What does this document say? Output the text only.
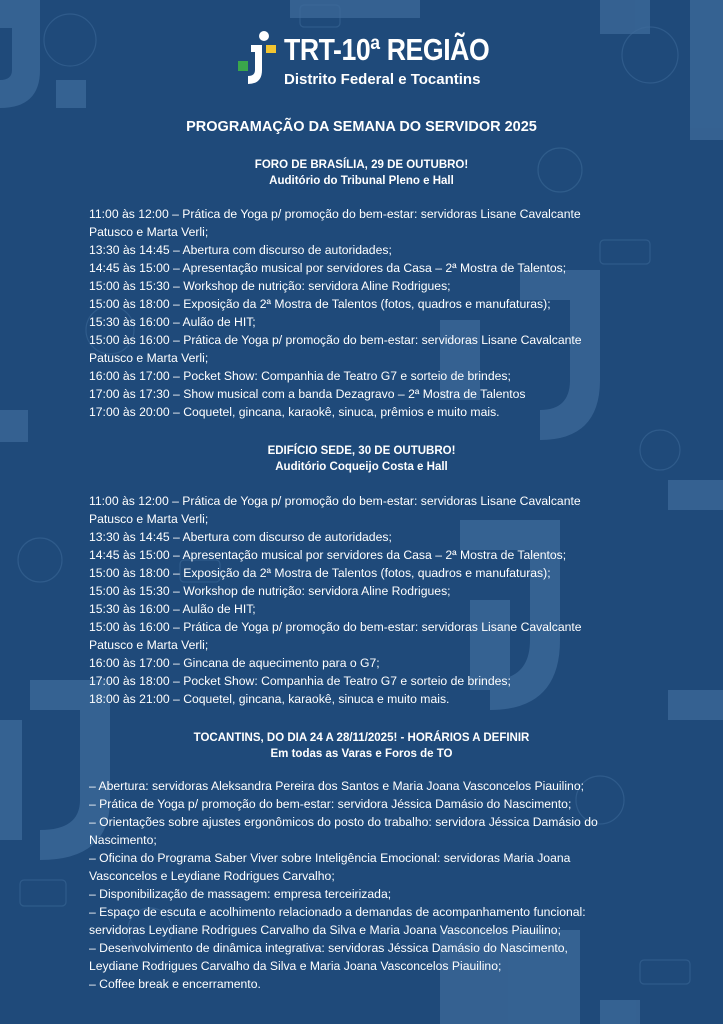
TRT-10ª REGIÃO
Distrito Federal e Tocantins
PROGRAMAÇÃO DA SEMANA DO SERVIDOR 2025
FORO DE BRASÍLIA, 29 DE OUTUBRO!
Auditório do Tribunal Pleno e Hall
11:00 às 12:00 – Prática de Yoga p/ promoção do bem-estar: servidoras Lisane Cavalcante
Patusco e Marta Verli;
13:30 às 14:45 – Abertura com discurso de autoridades;
14:45 às 15:00 – Apresentação musical por servidores da Casa – 2ª Mostra de Talentos;
15:00 às 15:30 – Workshop de nutrição: servidora Aline Rodrigues;
15:00 às 18:00 – Exposição da 2ª Mostra de Talentos (fotos, quadros e manufaturas);
15:30 às 16:00 – Aulão de HIT;
15:00 às 16:00 – Prática de Yoga p/ promoção do bem-estar: servidoras Lisane Cavalcante
Patusco e Marta Verli;
16:00 às 17:00 – Pocket Show: Companhia de Teatro G7 e sorteio de brindes;
17:00 às 17:30 – Show musical com a banda Dezagravo – 2ª Mostra de Talentos
17:00 às 20:00 – Coquetel, gincana, karaokê, sinuca, prêmios e muito mais.
EDIFÍCIO SEDE, 30 DE OUTUBRO!
Auditório Coqueijo Costa e Hall
11:00 às 12:00 – Prática de Yoga p/ promoção do bem-estar: servidoras Lisane Cavalcante
Patusco e Marta Verli;
13:30 às 14:45 – Abertura com discurso de autoridades;
14:45 às 15:00 – Apresentação musical por servidores da Casa – 2ª Mostra de Talentos;
15:00 às 18:00 – Exposição da 2ª Mostra de Talentos (fotos, quadros e manufaturas);
15:00 às 15:30 – Workshop de nutrição: servidora Aline Rodrigues;
15:30 às 16:00 – Aulão de HIT;
15:00 às 16:00 – Prática de Yoga p/ promoção do bem-estar: servidoras Lisane Cavalcante
Patusco e Marta Verli;
16:00 às 17:00 – Gincana de aquecimento para o G7;
17:00 às 18:00 – Pocket Show: Companhia de Teatro G7 e sorteio de brindes;
18:00 às 21:00 – Coquetel, gincana, karaokê, sinuca e muito mais.
TOCANTINS, DO DIA 24 A 28/11/2025! - HORÁRIOS A DEFINIR
Em todas as Varas e Foros de TO
– Abertura: servidoras Aleksandra Pereira dos Santos e Maria Joana Vasconcelos Piauilino;
– Prática de Yoga p/ promoção do bem-estar: servidora Jéssica Damásio do Nascimento;
– Orientações sobre ajustes ergonômicos do posto do trabalho: servidora Jéssica Damásio do
Nascimento;
– Oficina do Programa Saber Viver sobre Inteligência Emocional: servidoras Maria Joana
Vasconcelos e Leydiane Rodrigues Carvalho;
– Disponibilização de massagem: empresa terceirizada;
– Espaço de escuta e acolhimento relacionado a demandas de acompanhamento funcional:
servidoras Leydiane Rodrigues Carvalho da Silva e Maria Joana Vasconcelos Piauilino;
– Desenvolvimento de dinâmica integrativa: servidoras Jéssica Damásio do Nascimento,
Leydiane Rodrigues Carvalho da Silva e Maria Joana Vasconcelos Piauilino;
– Coffee break e encerramento.
